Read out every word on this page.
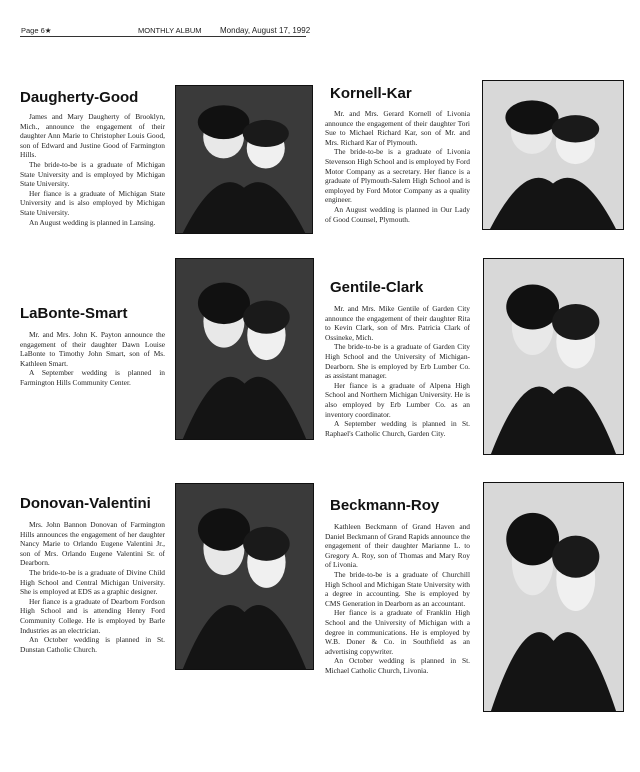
Page 6★	MONTHLY ALBUM Monday, August 17, 1992
Daugherty-Good

James and Mary Daugherty of Brooklyn, Mich., announce the engagement of their daughter Ann Marie to Christopher Louis Good, son of Edward and Justine Good of Farmington Hills.

The bride-to-be is a graduate of Michigan State University and is employed by Michigan State University.

Her fiance is a graduate of Michigan State University and is also employed by Michigan State University.

An August wedding is planned in Lansing.

Kornell-Kar

Mr. and Mrs. Gerard Kornell of Livonia announce the engagement of their daughter Tori Sue to Michael Richard Kar, son of Mr. and Mrs. Richard Kar of Plymouth.

The bride-to-be is a graduate of Livonia Stevenson High School and is employed by Ford Motor Company as a secretary. Her fiance is a graduate of Plymouth-Salem High School and is employed by Ford Motor Company as a quality engineer.

An August wedding is planned in Our Lady of Good Counsel, Plymouth.

LaBonte-Smart

Mr. and Mrs. John K. Payton announce the engagement of their daughter Dawn Louise LaBonte to Timothy John Smart, son of Ms. Kathleen Smart.

A September wedding is planned in Farmington Hills Community Center.

Gentile-Clark

Mr. and Mrs. Mike Gentile of Garden City announce the engagement of their daughter Rita to Kevin Clark, son of Mrs. Patricia Clark of Ossineke, Mich.

The bride-to-be is a graduate of Garden City High School and the University of Michigan-Dearborn. She is employed by Erb Lumber Co. as assistant manager.

Her fiance is a graduate of Alpena High School and Northern Michigan University. He is also employed by Erb Lumber Co. as an inventory coordinator.

A September wedding is planned in St. Raphael's Catholic Church, Garden City.

Donovan-Valentini

Mrs. John Bannon Donovan of Farmington Hills announces the engagement of her daughter Nancy Marie to Orlando Eugene Valentini Jr., son of Mrs. Orlando Eugene Valentini Sr. of Dearborn.

The bride-to-be is a graduate of Divine Child High School and Central Michigan University. She is employed at EDS as a graphic designer.

Her fiance is a graduate of Dearborn Fordson High School and is attending Henry Ford Community College. He is employed by Barle Industries as an electrician.

An October wedding is planned in St. Dunstan Catholic Church.

Beckmann-Roy

Kathleen Beckmann of Grand Haven and Daniel Beckmann of Grand Rapids announce the engagement of their daughter Marianne L. to Gregory A. Roy, son of Thomas and Mary Roy of Livonia.

The bride-to-be is a graduate of Churchill High School and Michigan State University with a degree in accounting. She is employed by CMS Generation in Dearborn as an accountant.

Her fiance is a graduate of Franklin High School and the University of Michigan with a degree in communications. He is employed by W.B. Doner & Co. in Southfield as an advertising copywriter.

An October wedding is planned in St. Michael Catholic Church, Livonia.
